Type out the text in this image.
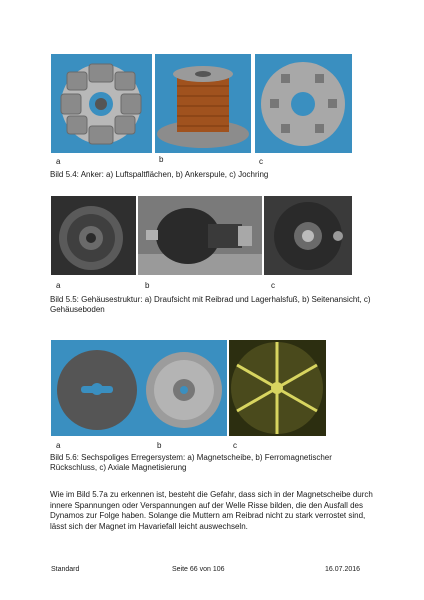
a	b	c
Bild 5.4: Anker: a) Luftspaltflächen, b) Ankerspule, c) Jochring
a	b	c
Bild 5.5: Gehäusestruktur: a) Draufsicht mit Reibrad und Lagerhalsfuß, b) Seitenansicht, c) Gehäuseboden
a	b	c
Bild 5.6: Sechspoliges Erregersystem: a) Magnetscheibe, b) Ferromagnetischer Rückschluss, c) Axiale Magnetisierung
Wie im Bild 5.7a zu erkennen ist, besteht die Gefahr, dass sich in der Magnetscheibe durch innere Spannungen oder Verspannungen auf der Welle Risse bilden, die den Ausfall des Dynamos zur Folge haben. Solange die Muttern am Reibrad nicht zu stark verrostet sind, lässt sich der Magnet im Havariefall leicht auswechseln.
Standard	Seite 66 von 106	16.07.2016
